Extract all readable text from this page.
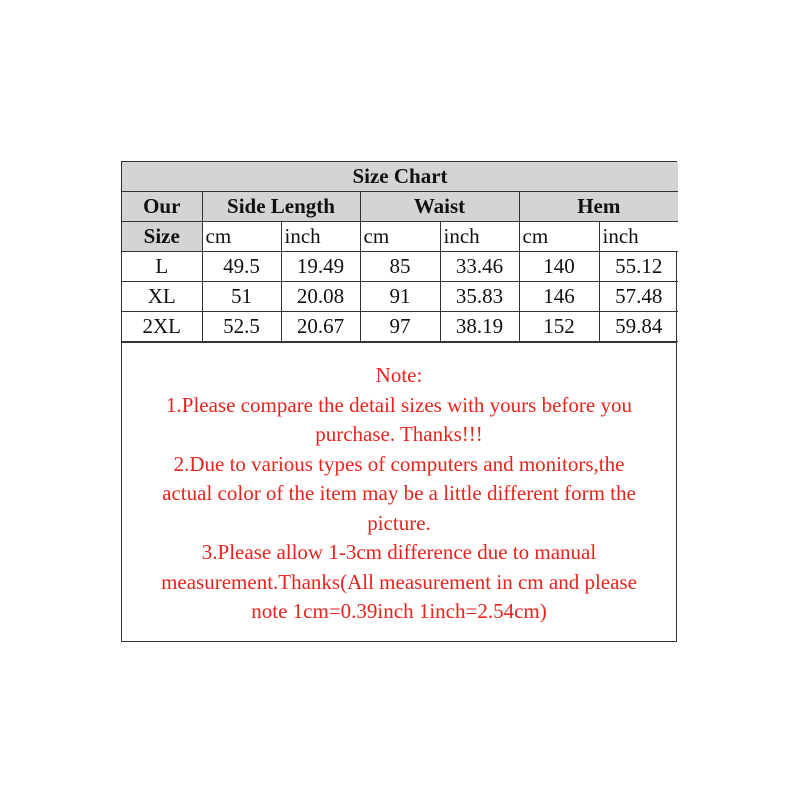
Size Chart						
Our	Side Length		Waist		Hem	
Size	cm	inch	cm	inch	cm	inch
L	49.5	19.49	85	33.46	140	55.12
XL	51	20.08	91	35.83	146	57.48
2XL	52.5	20.67	97	38.19	152	59.84
Note:
1.Please compare the detail sizes with yours before you
purchase. Thanks!!!
2.Due to various types of computers and monitors,the
actual color of the item may be a little different form the
picture.
3.Please allow 1-3cm difference due to manual
measurement.Thanks(All measurement in cm and please
note 1cm=0.39inch 1inch=2.54cm)
